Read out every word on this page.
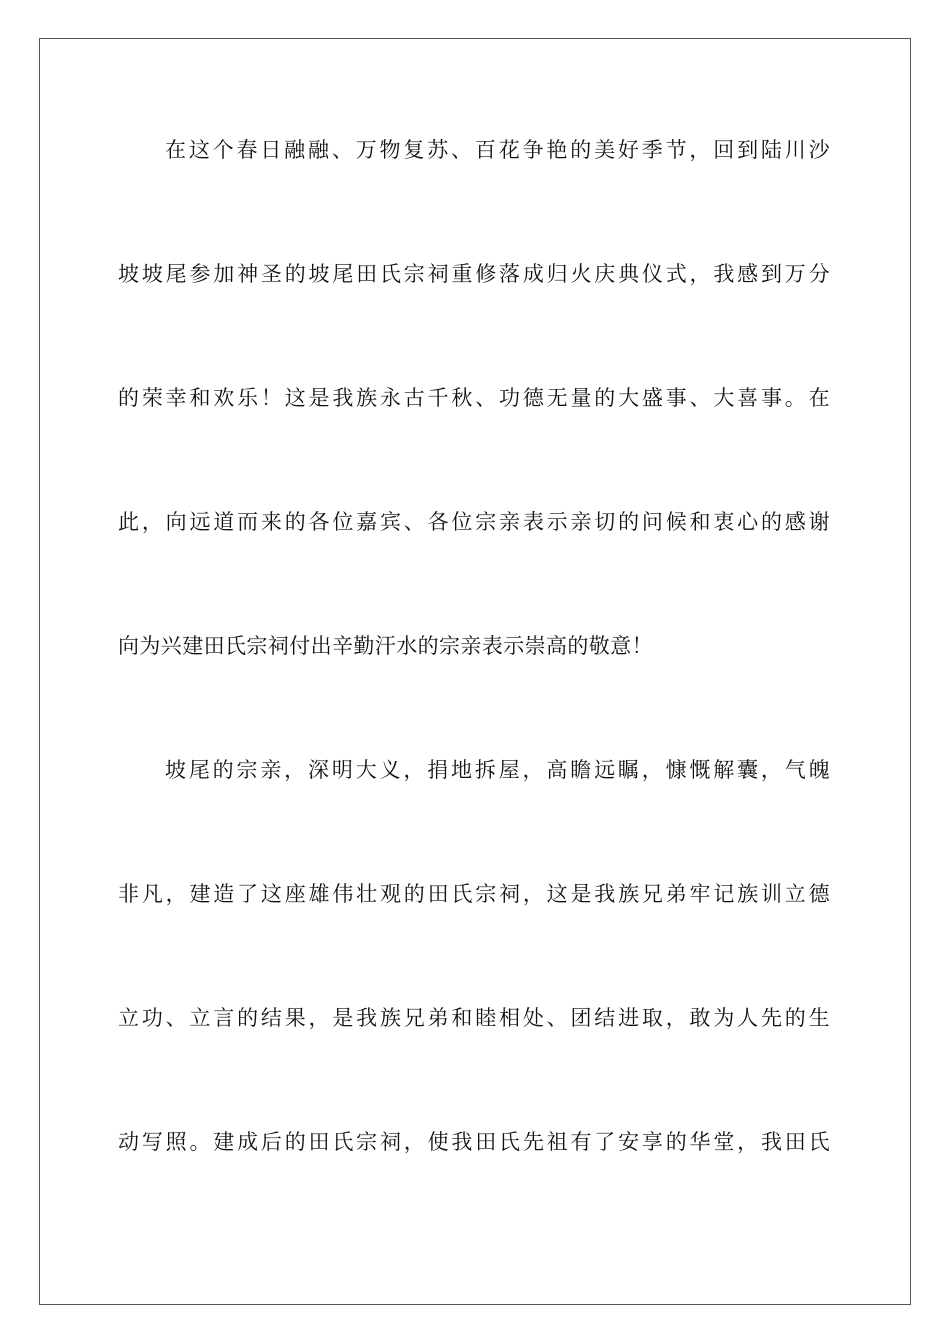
在这个春日融融、万物复苏、百花争艳的美好季节，回到陆川沙
坡坡尾参加神圣的坡尾田氏宗祠重修落成归火庆典仪式，我感到万分
的荣幸和欢乐！这是我族永古千秋、功德无量的大盛事、大喜事。在
此，向远道而来的各位嘉宾、各位宗亲表示亲切的问候和衷心的感谢
向为兴建田氏宗祠付出辛勤汗水的宗亲表示崇高的敬意！
坡尾的宗亲，深明大义，捐地拆屋，高瞻远瞩，慷慨解囊，气魄
非凡，建造了这座雄伟壮观的田氏宗祠，这是我族兄弟牢记族训立德
立功、立言的结果，是我族兄弟和睦相处、团结进取，敢为人先的生
动写照。建成后的田氏宗祠，使我田氏先祖有了安享的华堂，我田氏
